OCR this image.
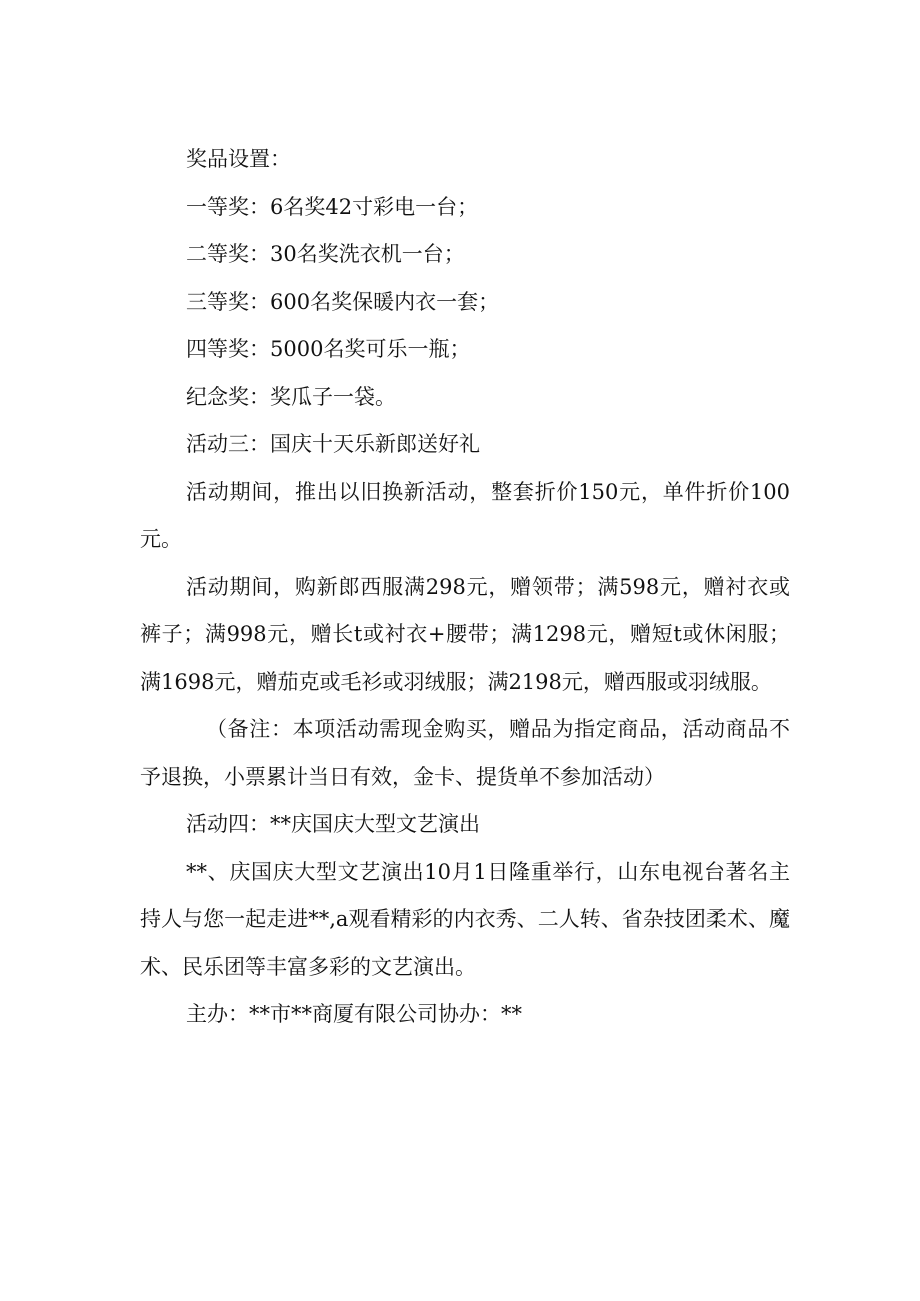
奖品设置：

一等奖：6名奖42寸彩电一台；

二等奖：30名奖洗衣机一台；

三等奖：600名奖保暖内衣一套；

四等奖：5000名奖可乐一瓶；

纪念奖：奖瓜子一袋。

活动三：国庆十天乐新郎送好礼

活动期间，推出以旧换新活动，整套折价150元，单件折价100元。

活动期间，购新郎西服满298元，赠领带；满598元，赠衬衣或裤子；满998元，赠长t或衬衣+腰带；满1298元，赠短t或休闲服；满1698元，赠茄克或毛衫或羽绒服；满2198元，赠西服或羽绒服。

（备注：本项活动需现金购买，赠品为指定商品，活动商品不予退换，小票累计当日有效，金卡、提货单不参加活动）

活动四：**庆国庆大型文艺演出

**、庆国庆大型文艺演出10月1日隆重举行，山东电视台著名主持人与您一起走进**,a观看精彩的内衣秀、二人转、省杂技团柔术、魔术、民乐团等丰富多彩的文艺演出。

主办：**市**商厦有限公司协办：**
